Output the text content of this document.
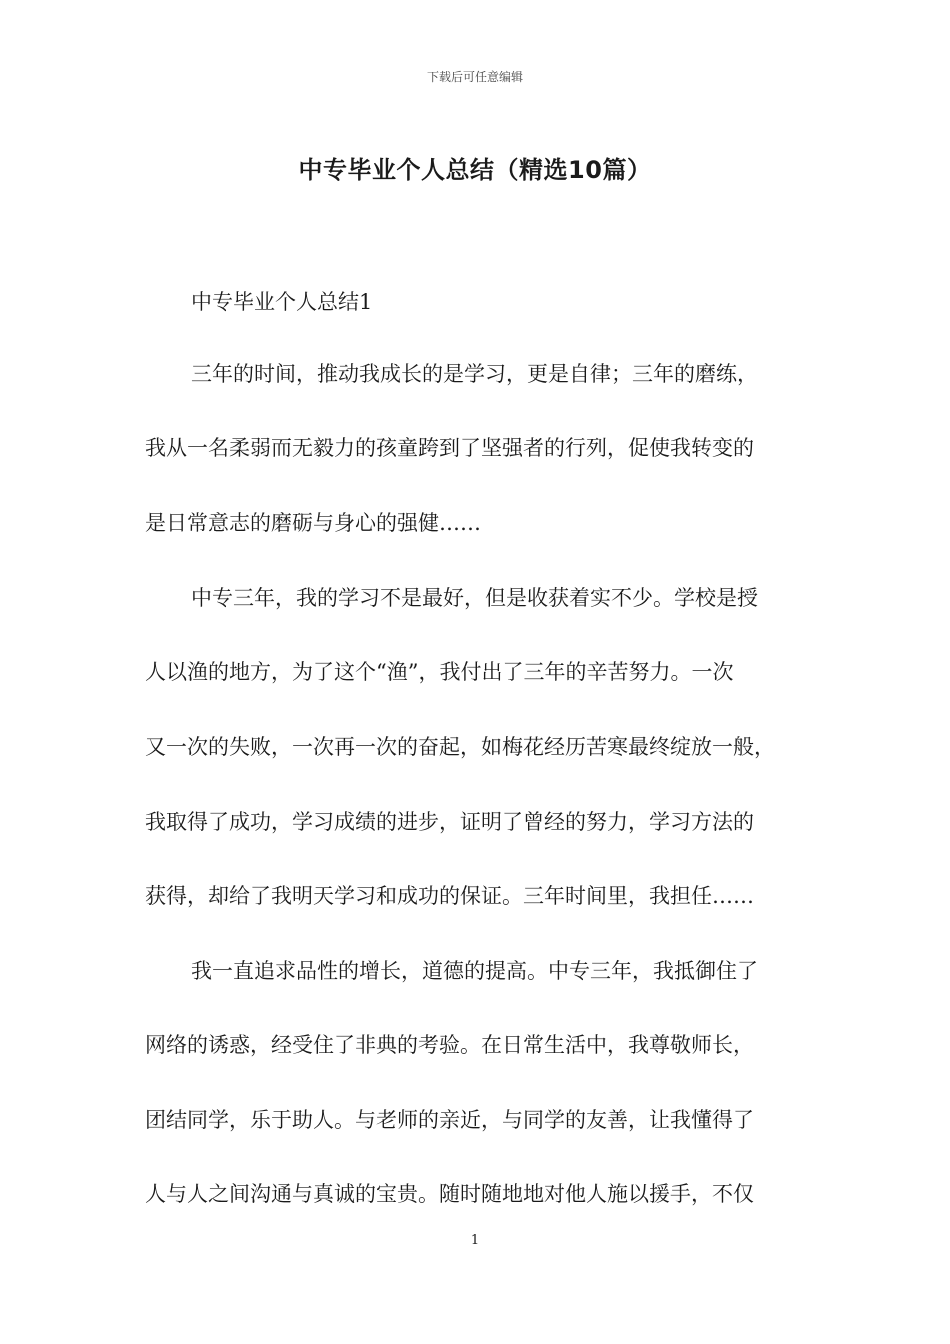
下载后可任意编辑
中专毕业个人总结（精选10篇）
中专毕业个人总结1
三年的时间，推动我成长的是学习，更是自律；三年的磨练，
我从一名柔弱而无毅力的孩童跨到了坚强者的行列，促使我转变的
是日常意志的磨砺与身心的强健……
中专三年，我的学习不是最好，但是收获着实不少。学校是授
人以渔的地方，为了这个“渔”，我付出了三年的辛苦努力。一次
又一次的失败，一次再一次的奋起，如梅花经历苦寒最终绽放一般，
我取得了成功，学习成绩的进步，证明了曾经的努力，学习方法的
获得，却给了我明天学习和成功的保证。三年时间里，我担任……
我一直追求品性的增长，道德的提高。中专三年，我抵御住了
网络的诱惑，经受住了非典的考验。在日常生活中，我尊敬师长，
团结同学，乐于助人。与老师的亲近，与同学的友善，让我懂得了
人与人之间沟通与真诚的宝贵。随时随地地对他人施以援手，不仅
1
